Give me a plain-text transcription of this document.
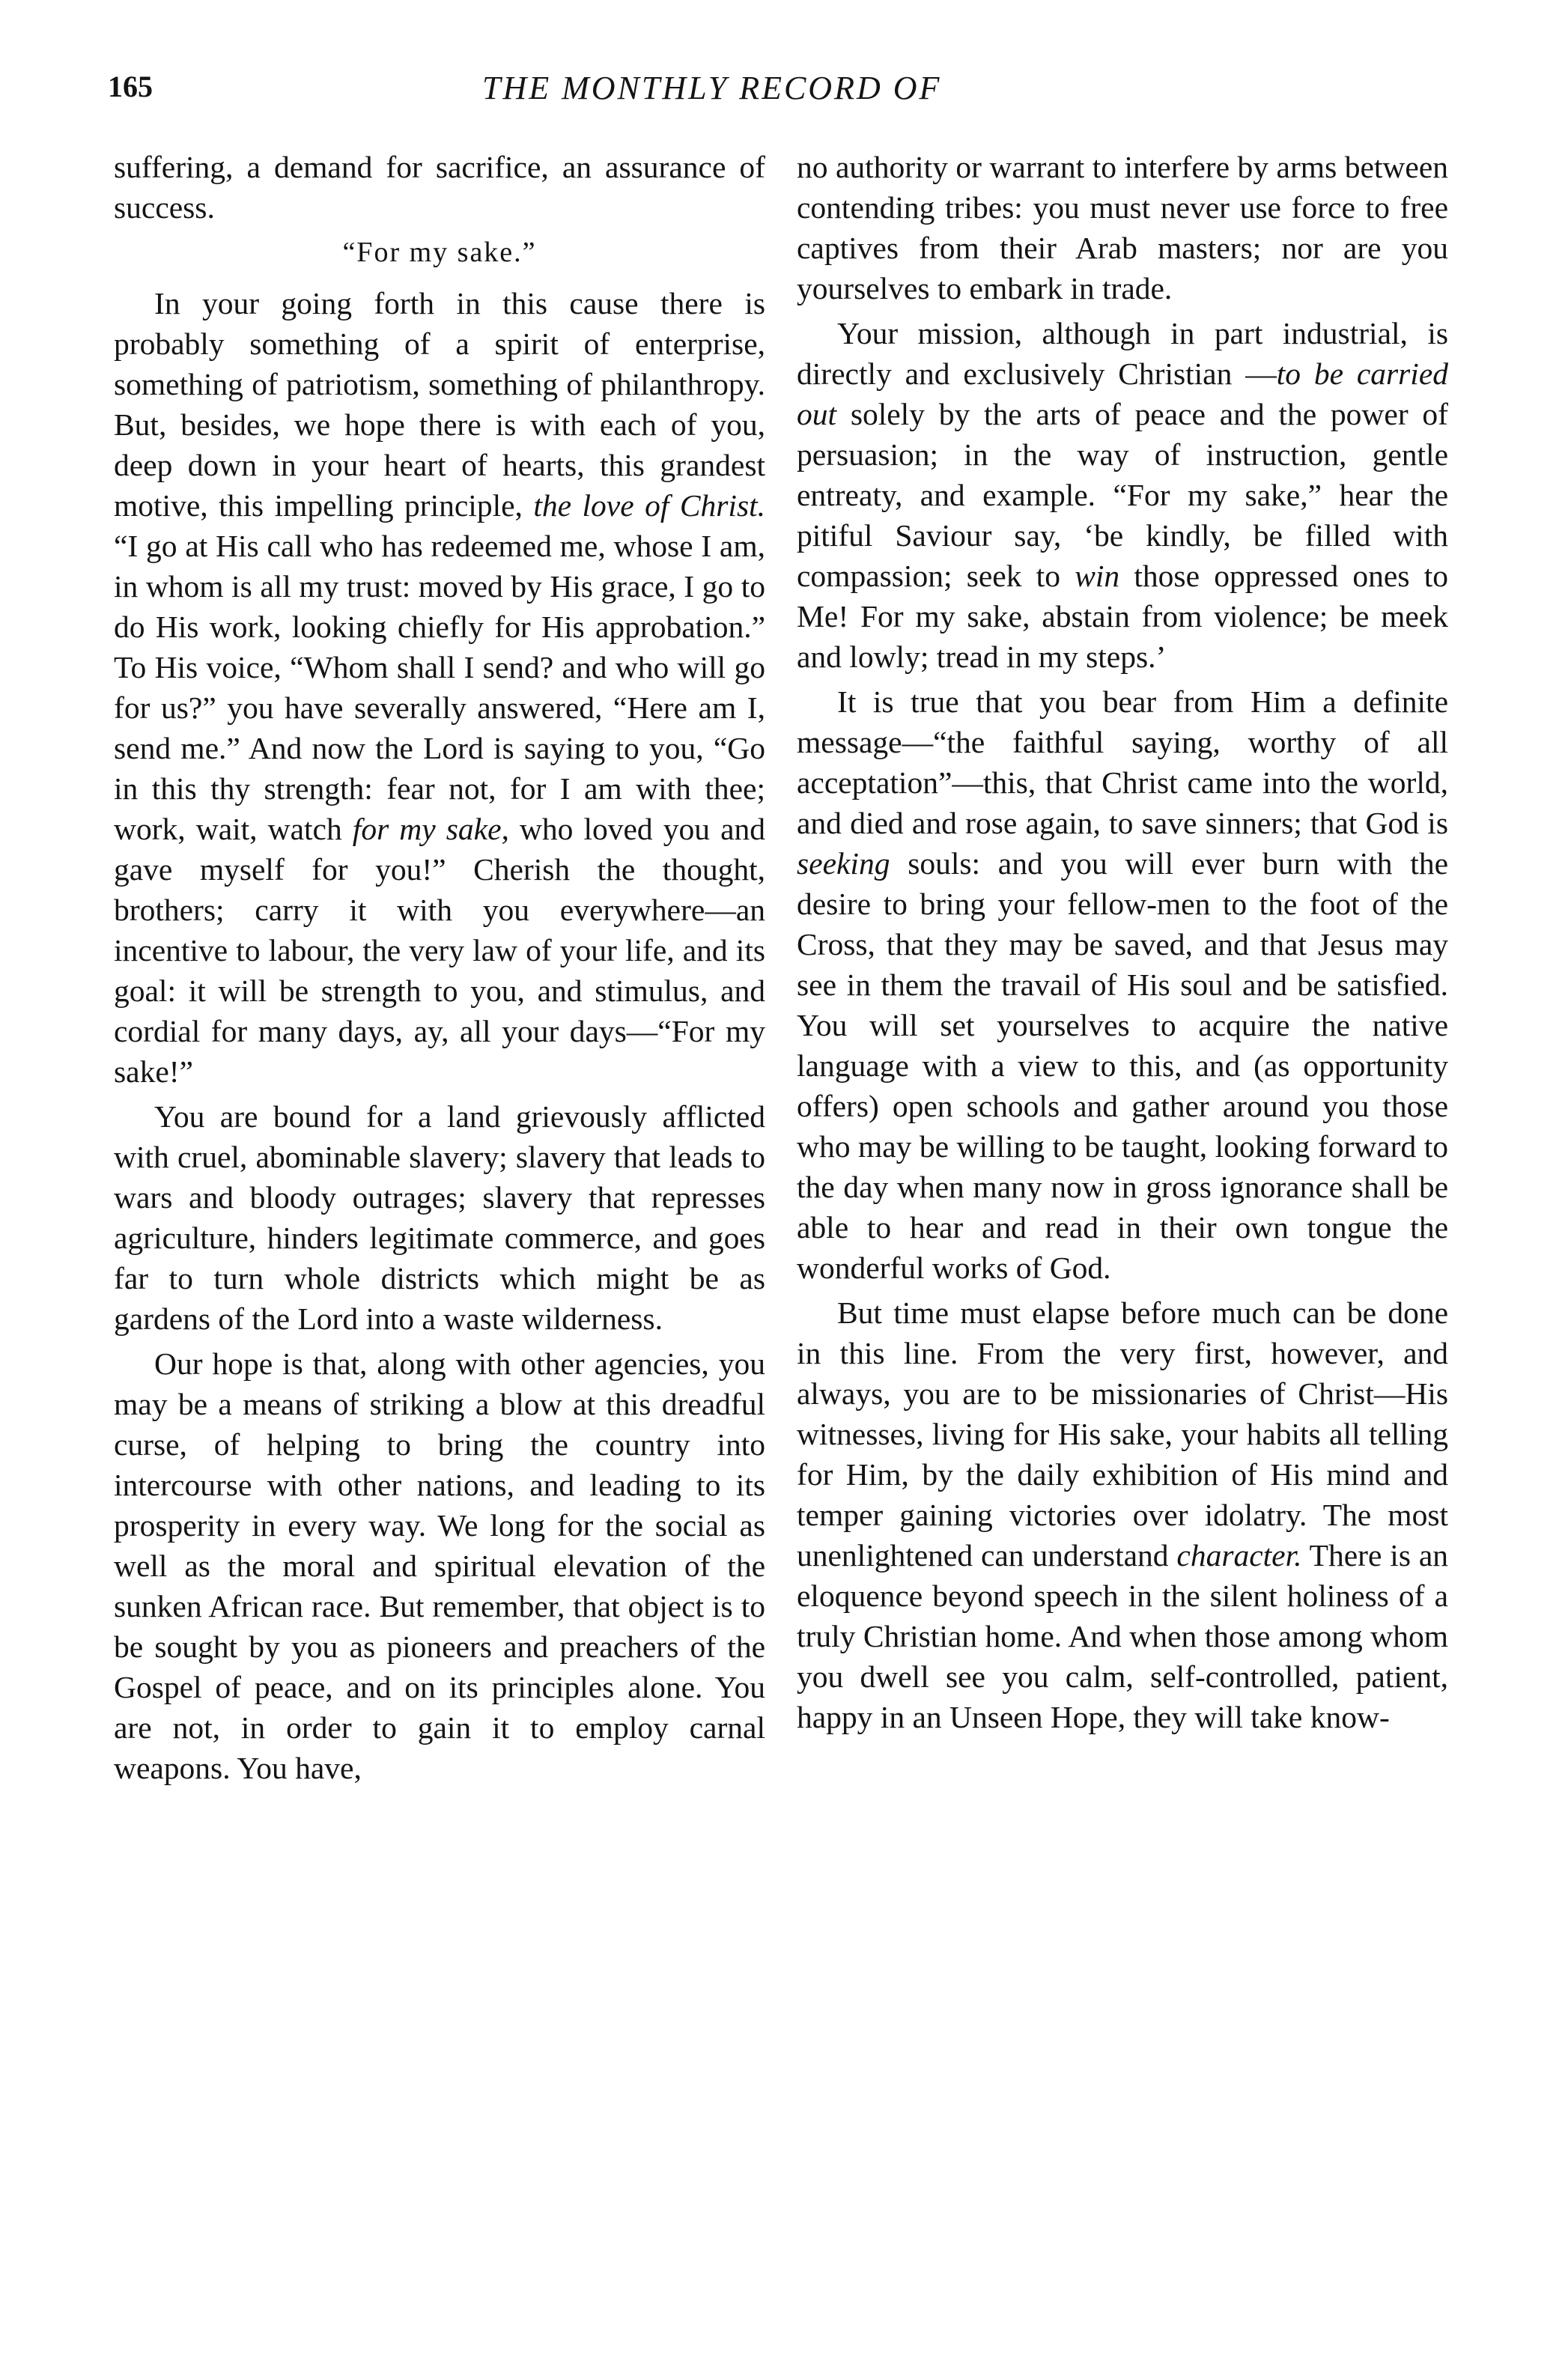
165	THE MONTHLY RECORD OF

suffering, a demand for sacrifice, an assurance of success.

“For my sake.”

In your going forth in this cause there is probably something of a spirit of enterprise, something of patriotism, something of philanthropy. But, besides, we hope there is with each of you, deep down in your heart of hearts, this grandest motive, this impelling principle, the love of Christ. “I go at His call who has redeemed me, whose I am, in whom is all my trust: moved by His grace, I go to do His work, looking chiefly for His approbation.” To His voice, “Whom shall I send? and who will go for us?” you have severally answered, “Here am I, send me.” And now the Lord is saying to you, “Go in this thy strength: fear not, for I am with thee; work, wait, watch for my sake, who loved you and gave myself for you!” Cherish the thought, brothers; carry it with you everywhere—an incentive to labour, the very law of your life, and its goal: it will be strength to you, and stimulus, and cordial for many days, ay, all your days—“For my sake!”

You are bound for a land grievously afflicted with cruel, abominable slavery; slavery that leads to wars and bloody outrages; slavery that represses agriculture, hinders legitimate commerce, and goes far to turn whole districts which might be as gardens of the Lord into a waste wilderness.

Our hope is that, along with other agencies, you may be a means of striking a blow at this dreadful curse, of helping to bring the country into intercourse with other nations, and leading to its prosperity in every way. We long for the social as well as the moral and spiritual elevation of the sunken African race. But remember, that object is to be sought by you as pioneers and preachers of the Gospel of peace, and on its principles alone. You are not, in order to gain it to employ carnal weapons. You have,

no authority or warrant to interfere by arms between contending tribes: you must never use force to free captives from their Arab masters; nor are you yourselves to embark in trade.

Your mission, although in part industrial, is directly and exclusively Christian —to be carried out solely by the arts of peace and the power of persuasion; in the way of instruction, gentle entreaty, and example. “For my sake,” hear the pitiful Saviour say, ‘be kindly, be filled with compassion; seek to win those oppressed ones to Me! For my sake, abstain from violence; be meek and lowly; tread in my steps.’

It is true that you bear from Him a definite message—“the faithful saying, worthy of all acceptation”—this, that Christ came into the world, and died and rose again, to save sinners; that God is seeking souls: and you will ever burn with the desire to bring your fellow-men to the foot of the Cross, that they may be saved, and that Jesus may see in them the travail of His soul and be satisfied. You will set yourselves to acquire the native language with a view to this, and (as opportunity offers) open schools and gather around you those who may be willing to be taught, looking forward to the day when many now in gross ignorance shall be able to hear and read in their own tongue the wonderful works of God.

But time must elapse before much can be done in this line. From the very first, however, and always, you are to be missionaries of Christ—His witnesses, living for His sake, your habits all telling for Him, by the daily exhibition of His mind and temper gaining victories over idolatry. The most unenlightened can understand character. There is an eloquence beyond speech in the silent holiness of a truly Christian home. And when those among whom you dwell see you calm, self-controlled, patient, happy in an Unseen Hope, they will take know-
